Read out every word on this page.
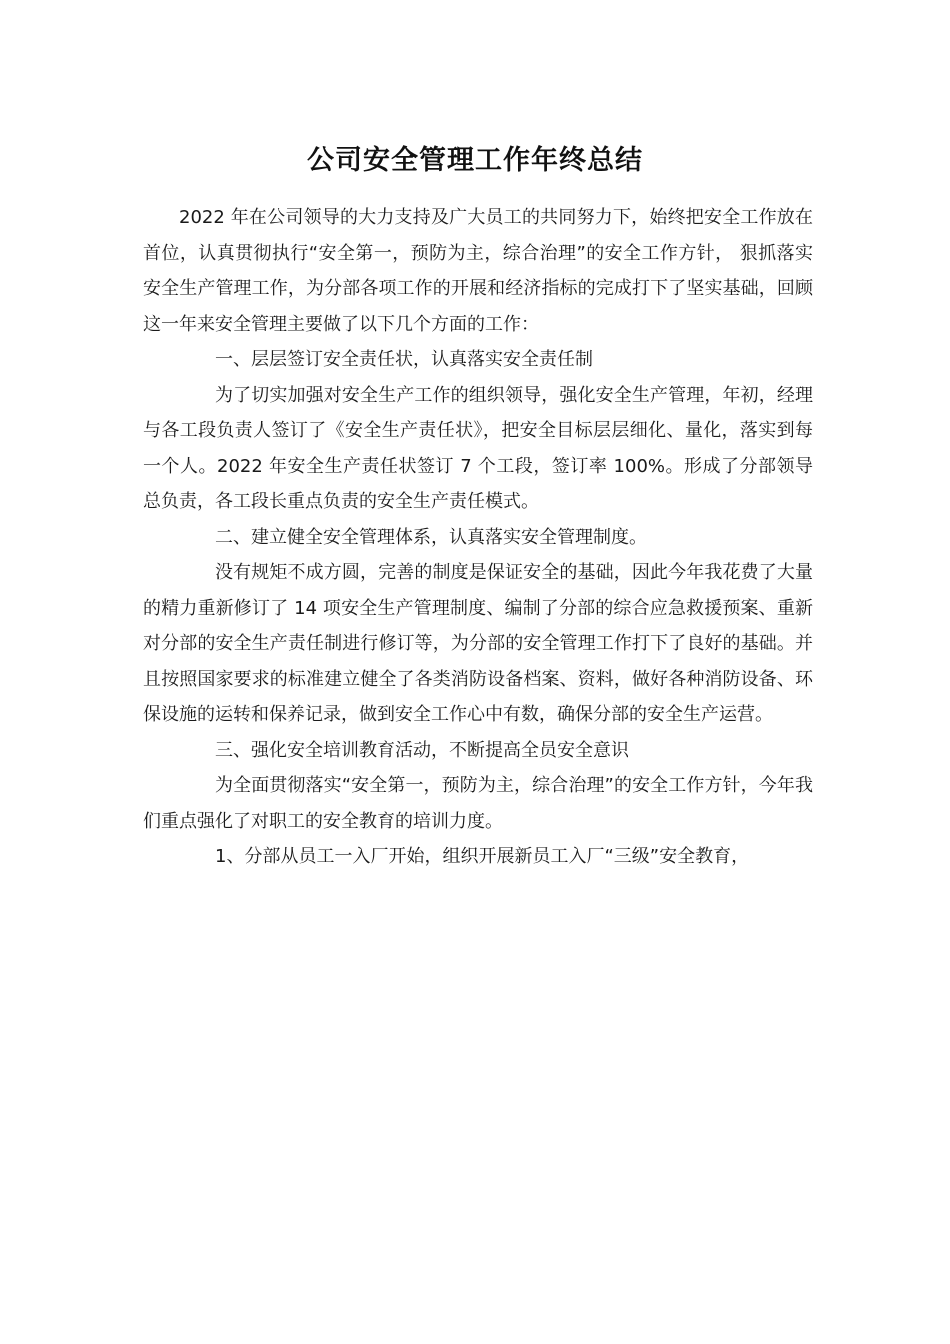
公司安全管理工作年终总结

2022 年在公司领导的大力支持及广大员工的共同努力下，始终把安全工作放在首位，认真贯彻执行“安全第一，预防为主，综合治理”的安全工作方针， 狠抓落实安全生产管理工作，为分部各项工作的开展和经济指标的完成打下了坚实基础，回顾这一年来安全管理主要做了以下几个方面的工作：

一、层层签订安全责任状，认真落实安全责任制

为了切实加强对安全生产工作的组织领导，强化安全生产管理，年初，经理与各工段负责人签订了《安全生产责任状》，把安全目标层层细化、量化，落实到每一个人。2022 年安全生产责任状签订 7 个工段，签订率 100%。形成了分部领导总负责，各工段长重点负责的安全生产责任模式。

二、建立健全安全管理体系，认真落实安全管理制度。

没有规矩不成方圆，完善的制度是保证安全的基础，因此今年我花费了大量的精力重新修订了 14 项安全生产管理制度、编制了分部的综合应急救援预案、重新对分部的安全生产责任制进行修订等，为分部的安全管理工作打下了良好的基础。并且按照国家要求的标准建立健全了各类消防设备档案、资料，做好各种消防设备、环保设施的运转和保养记录，做到安全工作心中有数，确保分部的安全生产运营。

三、强化安全培训教育活动，不断提高全员安全意识

为全面贯彻落实“安全第一，预防为主，综合治理”的安全工作方针，今年我们重点强化了对职工的安全教育的培训力度。

1、分部从员工一入厂开始，组织开展新员工入厂“三级”安全教育，
